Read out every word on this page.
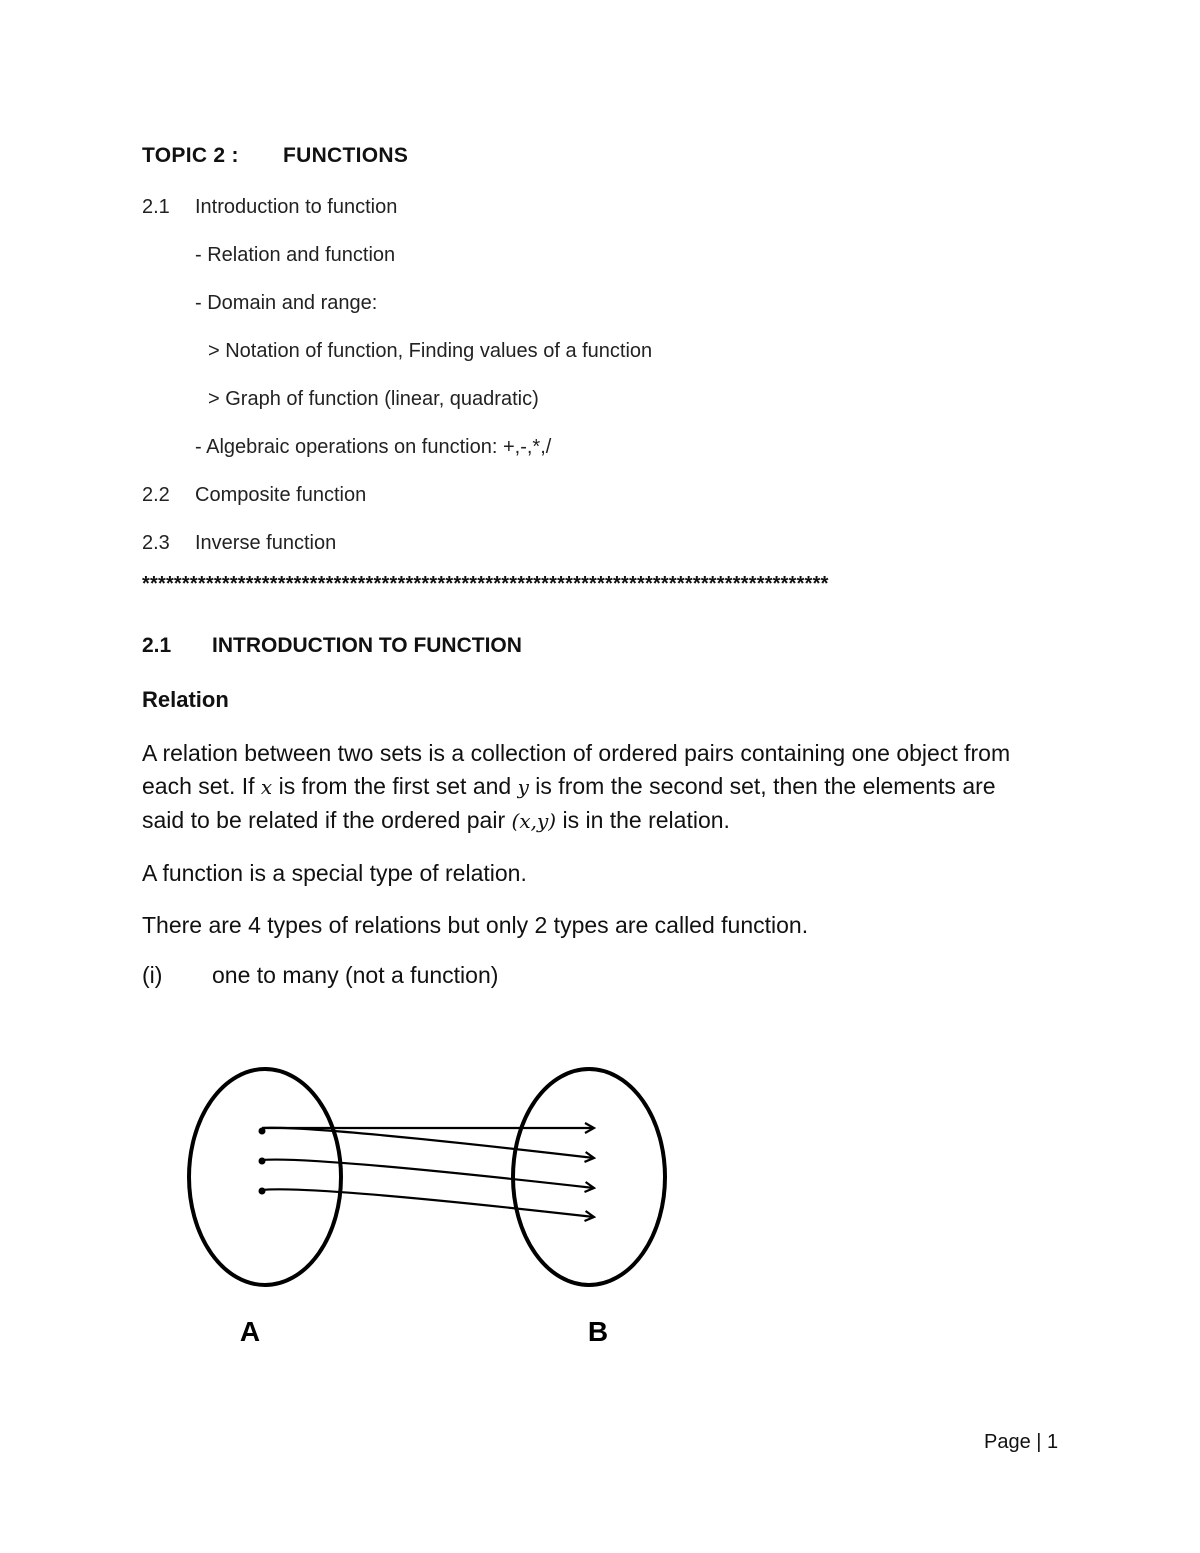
TOPIC 2 : FUNCTIONS
2.1 Introduction to function
- Relation and function
- Domain and range:
> Notation of function, Finding values of a function
> Graph of function (linear, quadratic)
- Algebraic operations on function: +,-,*,/
2.2 Composite function
2.3 Inverse function
**************************************************************************************
2.1 INTRODUCTION TO FUNCTION
Relation
A relation between two sets is a collection of ordered pairs containing one object from each set. If x is from the first set and y is from the second set, then the elements are said to be related if the ordered pair (x,y) is in the relation.
A function is a special type of relation.
There are 4 types of relations but only 2 types are called function.
(i) one to many (not a function)
A	B
Page | 1
